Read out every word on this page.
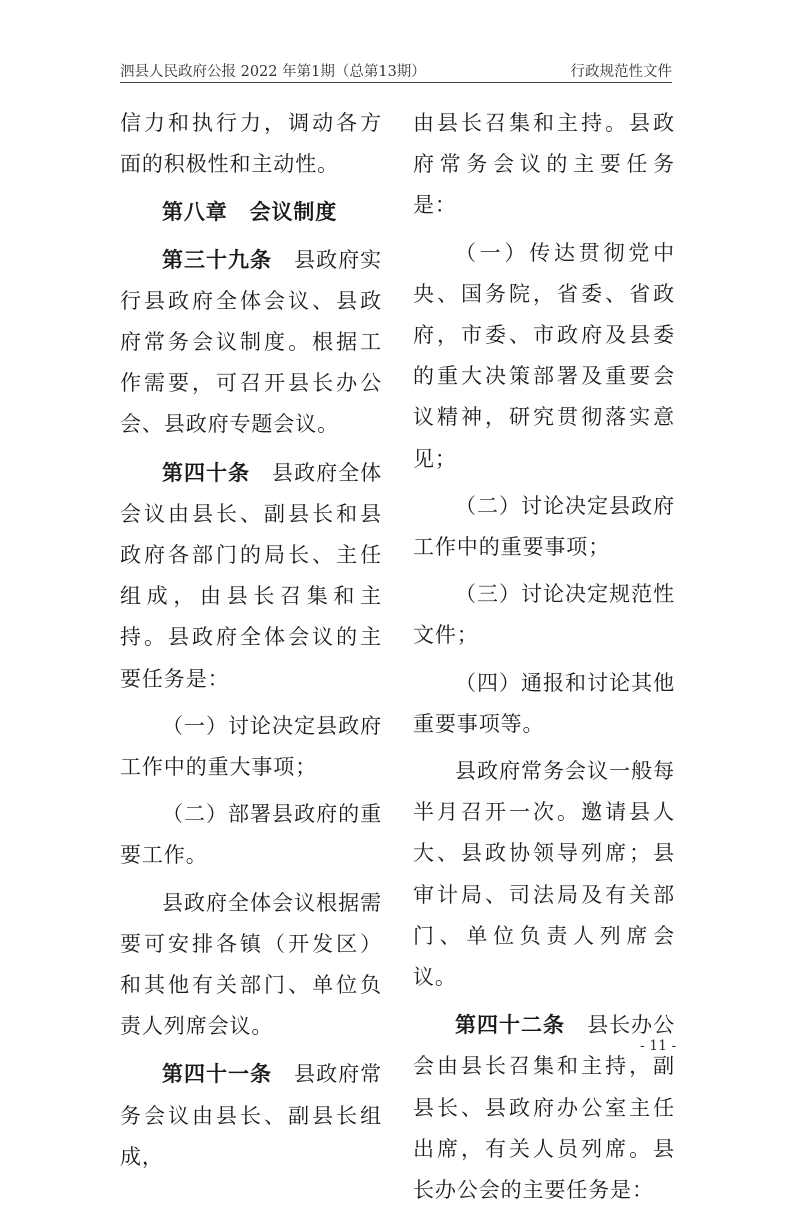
泗县人民政府公报 2022 年第1期（总第13期）	行政规范性文件

信力和执行力，调动各方面的积极性和主动性。

第八章　会议制度

第三十九条　县政府实行县政府全体会议、县政府常务会议制度。根据工作需要，可召开县长办公会、县政府专题会议。

第四十条　县政府全体会议由县长、副县长和县政府各部门的局长、主任组成，由县长召集和主持。县政府全体会议的主要任务是：

（一）讨论决定县政府工作中的重大事项；

（二）部署县政府的重要工作。

县政府全体会议根据需要可安排各镇（开发区）和其他有关部门、单位负责人列席会议。

第四十一条　县政府常务会议由县长、副县长组成，

由县长召集和主持。县政府常务会议的主要任务是：

（一）传达贯彻党中央、国务院，省委、省政府，市委、市政府及县委的重大决策部署及重要会议精神，研究贯彻落实意见；

（二）讨论决定县政府工作中的重要事项；

（三）讨论决定规范性文件；

（四）通报和讨论其他重要事项等。

县政府常务会议一般每半月召开一次。邀请县人大、县政协领导列席；县审计局、司法局及有关部门、单位负责人列席会议。

第四十二条　县长办公会由县长召集和主持，副县长、县政府办公室主任出席，有关人员列席。县长办公会的主要任务是：

- 11 -
